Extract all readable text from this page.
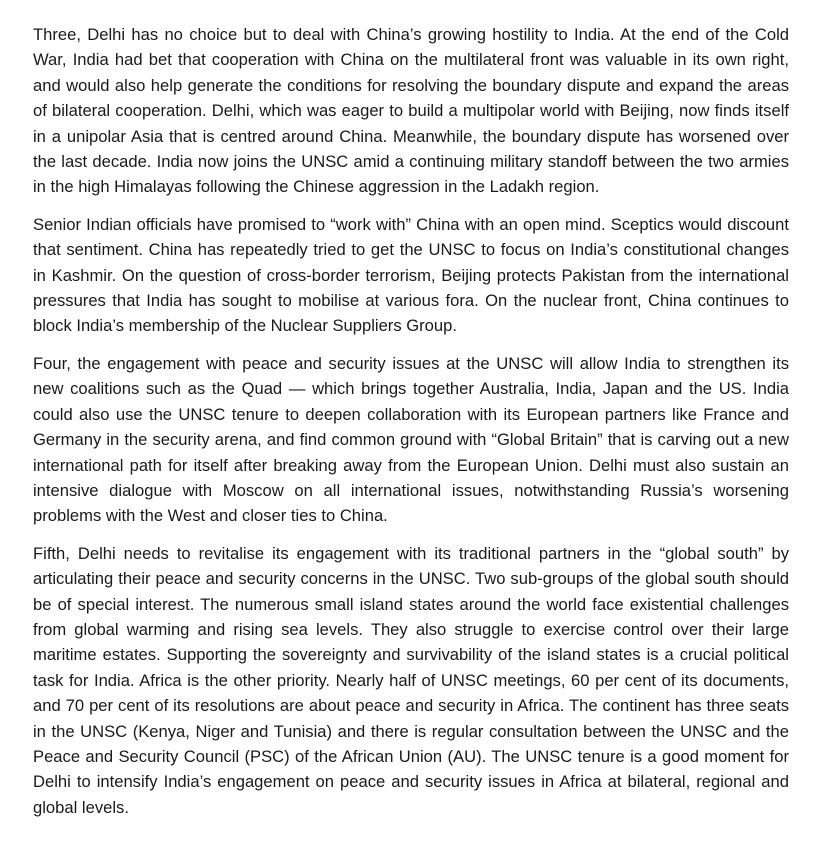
Three, Delhi has no choice but to deal with China’s growing hostility to India. At the end of the Cold War, India had bet that cooperation with China on the multilateral front was valuable in its own right, and would also help generate the conditions for resolving the boundary dispute and expand the areas of bilateral cooperation. Delhi, which was eager to build a multipolar world with Beijing, now finds itself in a unipolar Asia that is centred around China. Meanwhile, the boundary dispute has worsened over the last decade. India now joins the UNSC amid a continuing military standoff between the two armies in the high Himalayas following the Chinese aggression in the Ladakh region.

Senior Indian officials have promised to “work with” China with an open mind. Sceptics would discount that sentiment. China has repeatedly tried to get the UNSC to focus on India’s constitutional changes in Kashmir. On the question of cross-border terrorism, Beijing protects Pakistan from the international pressures that India has sought to mobilise at various fora. On the nuclear front, China continues to block India’s membership of the Nuclear Suppliers Group.

Four, the engagement with peace and security issues at the UNSC will allow India to strengthen its new coalitions such as the Quad — which brings together Australia, India, Japan and the US. India could also use the UNSC tenure to deepen collaboration with its European partners like France and Germany in the security arena, and find common ground with “Global Britain” that is carving out a new international path for itself after breaking away from the European Union. Delhi must also sustain an intensive dialogue with Moscow on all international issues, notwithstanding Russia’s worsening problems with the West and closer ties to China.

Fifth, Delhi needs to revitalise its engagement with its traditional partners in the “global south” by articulating their peace and security concerns in the UNSC. Two sub-groups of the global south should be of special interest. The numerous small island states around the world face existential challenges from global warming and rising sea levels. They also struggle to exercise control over their large maritime estates. Supporting the sovereignty and survivability of the island states is a crucial political task for India. Africa is the other priority. Nearly half of UNSC meetings, 60 per cent of its documents, and 70 per cent of its resolutions are about peace and security in Africa. The continent has three seats in the UNSC (Kenya, Niger and Tunisia) and there is regular consultation between the UNSC and the Peace and Security Council (PSC) of the African Union (AU). The UNSC tenure is a good moment for Delhi to intensify India’s engagement on peace and security issues in Africa at bilateral, regional and global levels.
